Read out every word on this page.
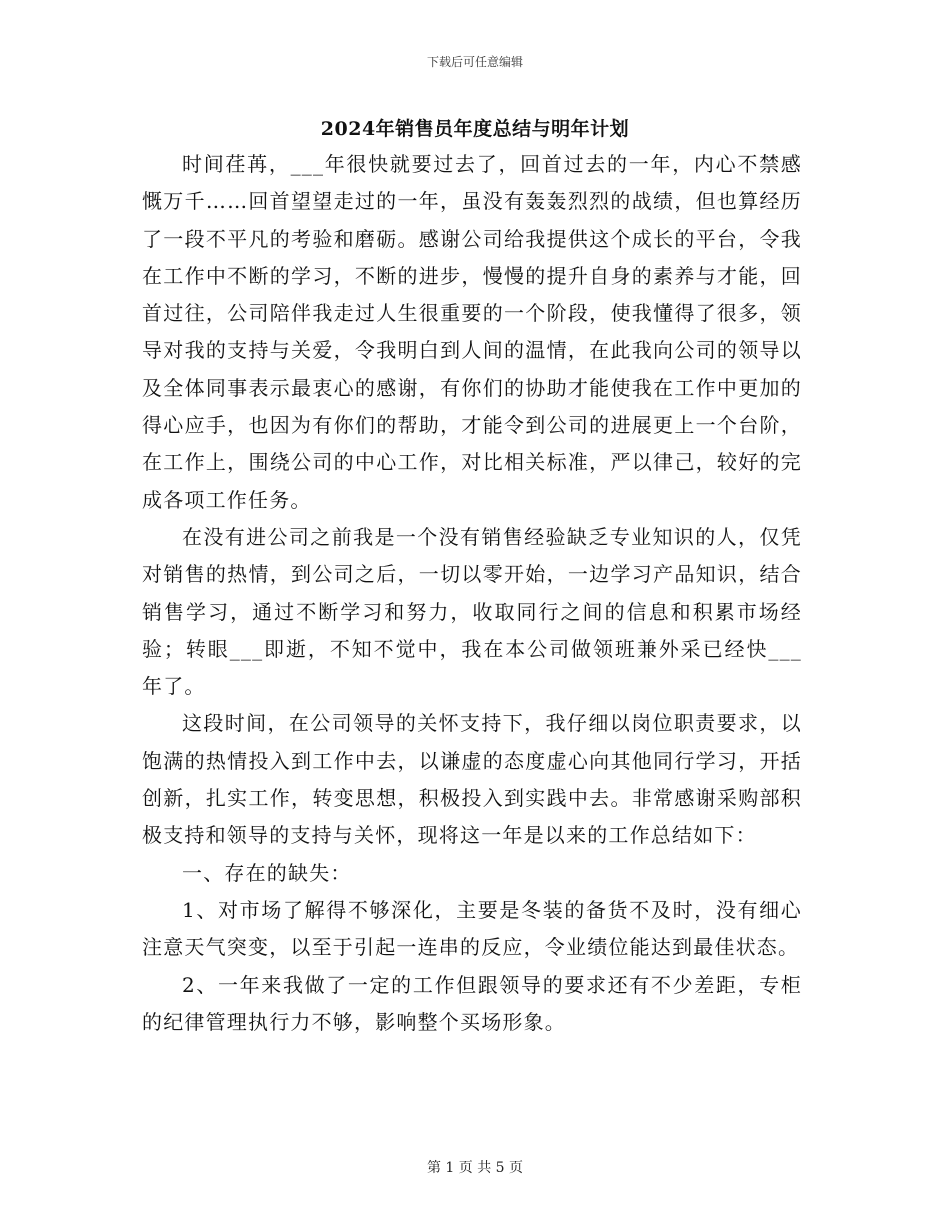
下载后可任意编辑
2024年销售员年度总结与明年计划

时间荏苒，___年很快就要过去了，回首过去的一年，内心不禁感慨万千……回首望望走过的一年，虽没有轰轰烈烈的战绩，但也算经历了一段不平凡的考验和磨砺。感谢公司给我提供这个成长的平台，令我在工作中不断的学习，不断的进步，慢慢的提升自身的素养与才能，回首过往，公司陪伴我走过人生很重要的一个阶段，使我懂得了很多，领导对我的支持与关爱，令我明白到人间的温情，在此我向公司的领导以及全体同事表示最衷心的感谢，有你们的协助才能使我在工作中更加的得心应手，也因为有你们的帮助，才能令到公司的进展更上一个台阶，在工作上，围绕公司的中心工作，对比相关标准，严以律己，较好的完成各项工作任务。

在没有进公司之前我是一个没有销售经验缺乏专业知识的人，仅凭对销售的热情，到公司之后，一切以零开始，一边学习产品知识，结合销售学习，通过不断学习和努力，收取同行之间的信息和积累市场经验；转眼___即逝，不知不觉中，我在本公司做领班兼外采已经快___年了。

这段时间，在公司领导的关怀支持下，我仔细以岗位职责要求，以饱满的热情投入到工作中去，以谦虚的态度虚心向其他同行学习，开括创新，扎实工作，转变思想，积极投入到实践中去。非常感谢采购部积极支持和领导的支持与关怀，现将这一年是以来的工作总结如下：

一、存在的缺失：

1、对市场了解得不够深化，主要是冬装的备货不及时，没有细心注意天气突变，以至于引起一连串的反应，令业绩位能达到最佳状态。

2、一年来我做了一定的工作但跟领导的要求还有不少差距，专柜的纪律管理执行力不够，影响整个买场形象。

第 1 页 共 5 页
